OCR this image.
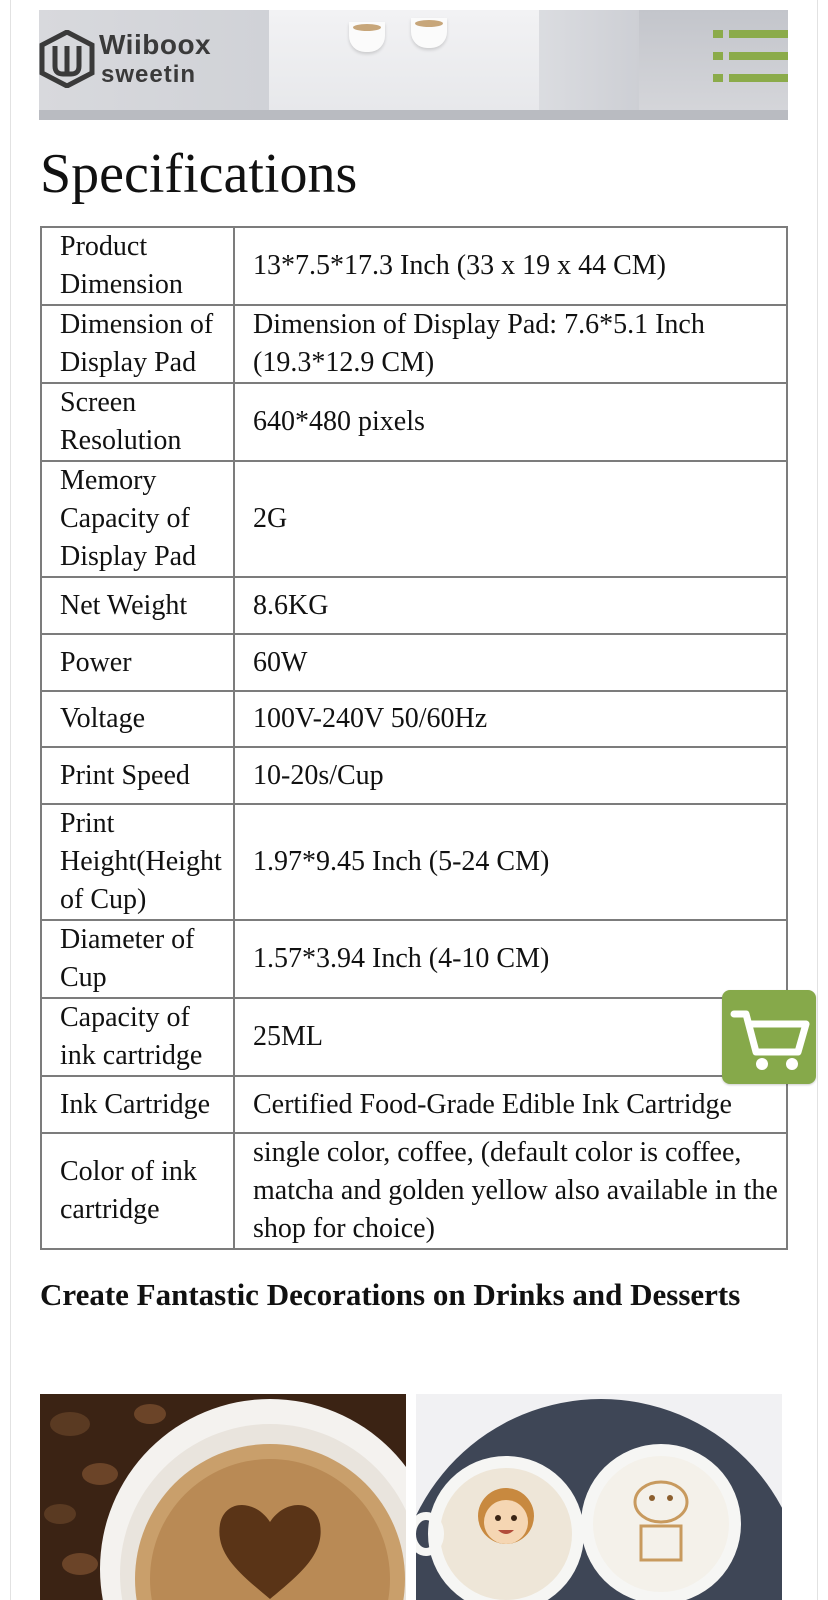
Wiiboox
sweetin
Specifications
Product Dimension	13*7.5*17.3 Inch (33 x 19 x 44 CM)
Dimension of Display Pad	Dimension of Display Pad: 7.6*5.1 Inch (19.3*12.9 CM)
Screen Resolution	640*480 pixels
Memory Capacity of Display Pad	2G
Net Weight	8.6KG
Power	60W
Voltage	100V-240V 50/60Hz
Print Speed	10-20s/Cup
Print Height(Height of Cup)	1.97*9.45 Inch (5-24 CM)
Diameter of Cup	1.57*3.94 Inch (4-10 CM)
Capacity of ink cartridge	25ML
Ink Cartridge	Certified Food-Grade Edible Ink Cartridge
Color of ink cartridge	single color, coffee, (default color is coffee, matcha and golden yellow also available in the shop for choice)
Create Fantastic Decorations on Drinks and Desserts
